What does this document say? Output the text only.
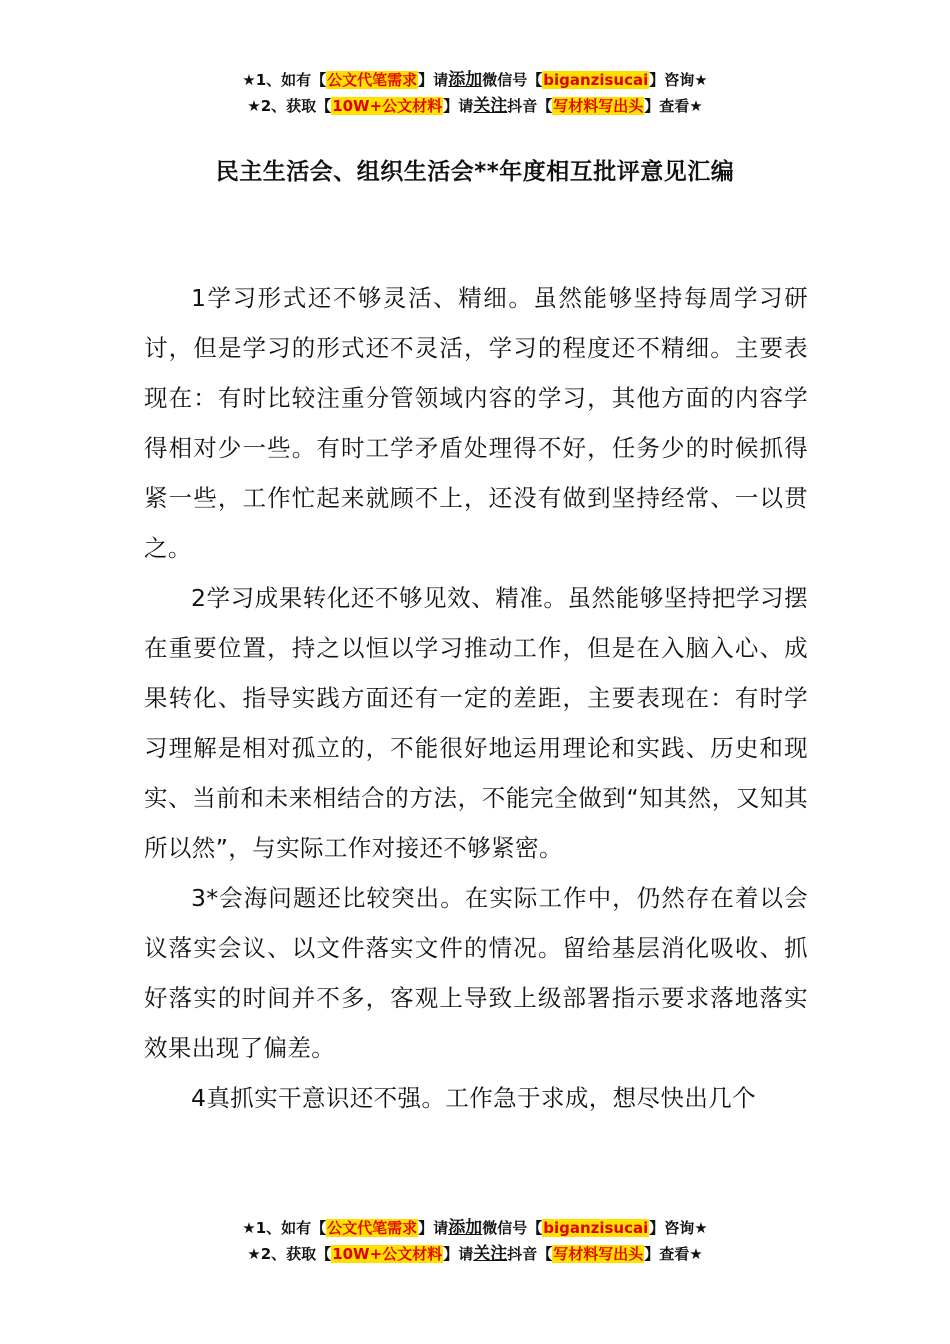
★1、如有【公文代笔需求】请添加微信号【biganzisucai】咨询★
★2、获取【10W+公文材料】请关注抖音【写材料写出头】查看★
民主生活会、组织生活会**年度相互批评意见汇编

1学习形式还不够灵活、精细。虽然能够坚持每周学习研讨，但是学习的形式还不灵活，学习的程度还不精细。主要表现在：有时比较注重分管领域内容的学习，其他方面的内容学得相对少一些。有时工学矛盾处理得不好，任务少的时候抓得紧一些，工作忙起来就顾不上，还没有做到坚持经常、一以贯之。

2学习成果转化还不够见效、精准。虽然能够坚持把学习摆在重要位置，持之以恒以学习推动工作，但是在入脑入心、成果转化、指导实践方面还有一定的差距，主要表现在：有时学习理解是相对孤立的，不能很好地运用理论和实践、历史和现实、当前和未来相结合的方法，不能完全做到“知其然，又知其所以然”，与实际工作对接还不够紧密。

3*会海问题还比较突出。在实际工作中，仍然存在着以会议落实会议、以文件落实文件的情况。留给基层消化吸收、抓好落实的时间并不多，客观上导致上级部署指示要求落地落实效果出现了偏差。

4真抓实干意识还不强。工作急于求成，想尽快出几个

★1、如有【公文代笔需求】请添加微信号【biganzisucai】咨询★
★2、获取【10W+公文材料】请关注抖音【写材料写出头】查看★
